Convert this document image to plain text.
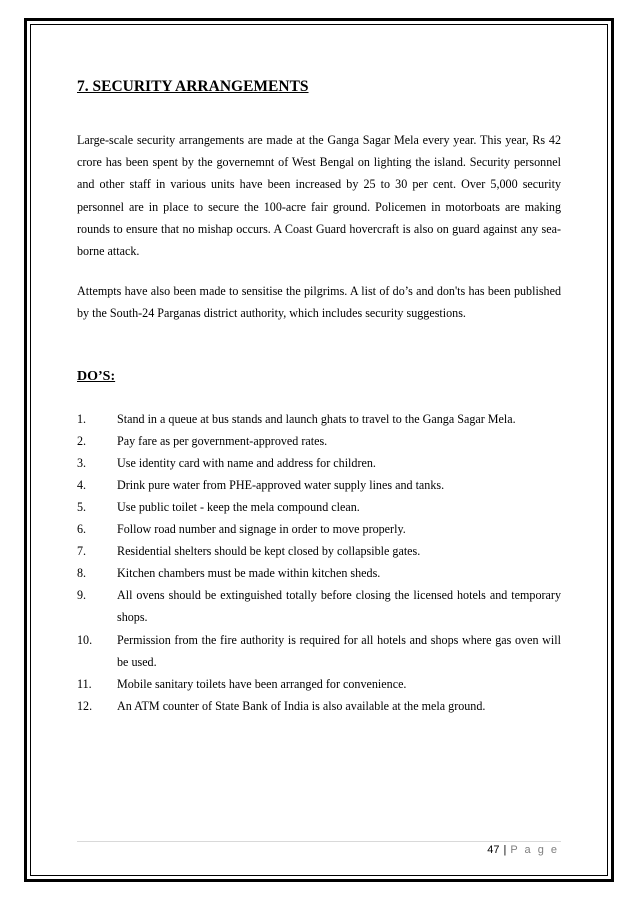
7. SECURITY ARRANGEMENTS

Large-scale security arrangements are made at the Ganga Sagar Mela every year. This year, Rs 42 crore has been spent by the governemnt of West Bengal on lighting the island. Security personnel and other staff in various units have been increased by 25 to 30 per cent. Over 5,000 security personnel are in place to secure the 100-acre fair ground. Policemen in motorboats are making rounds to ensure that no mishap occurs. A Coast Guard hovercraft is also on guard against any sea-borne attack.

Attempts have also been made to sensitise the pilgrims. A list of do’s and don'ts has been published by the South-24 Parganas district authority, which includes security suggestions.

DO’S:
1.	Stand in a queue at bus stands and launch ghats to travel to the Ganga Sagar Mela.
2.	Pay fare as per government-approved rates.
3.	Use identity card with name and address for children.
4.	Drink pure water from PHE-approved water supply lines and tanks.
5.	Use public toilet - keep the mela compound clean.
6.	Follow road number and signage in order to move properly.
7.	Residential shelters should be kept closed by collapsible gates.
8.	Kitchen chambers must be made within kitchen sheds.
9.	All ovens should be extinguished totally before closing the licensed hotels and temporary shops.
10.	Permission from the fire authority is required for all hotels and shops where gas oven will be used.
11.	Mobile sanitary toilets have been arranged for convenience.
12.	An ATM counter of State Bank of India is also available at the mela ground.
47 | P a g e
